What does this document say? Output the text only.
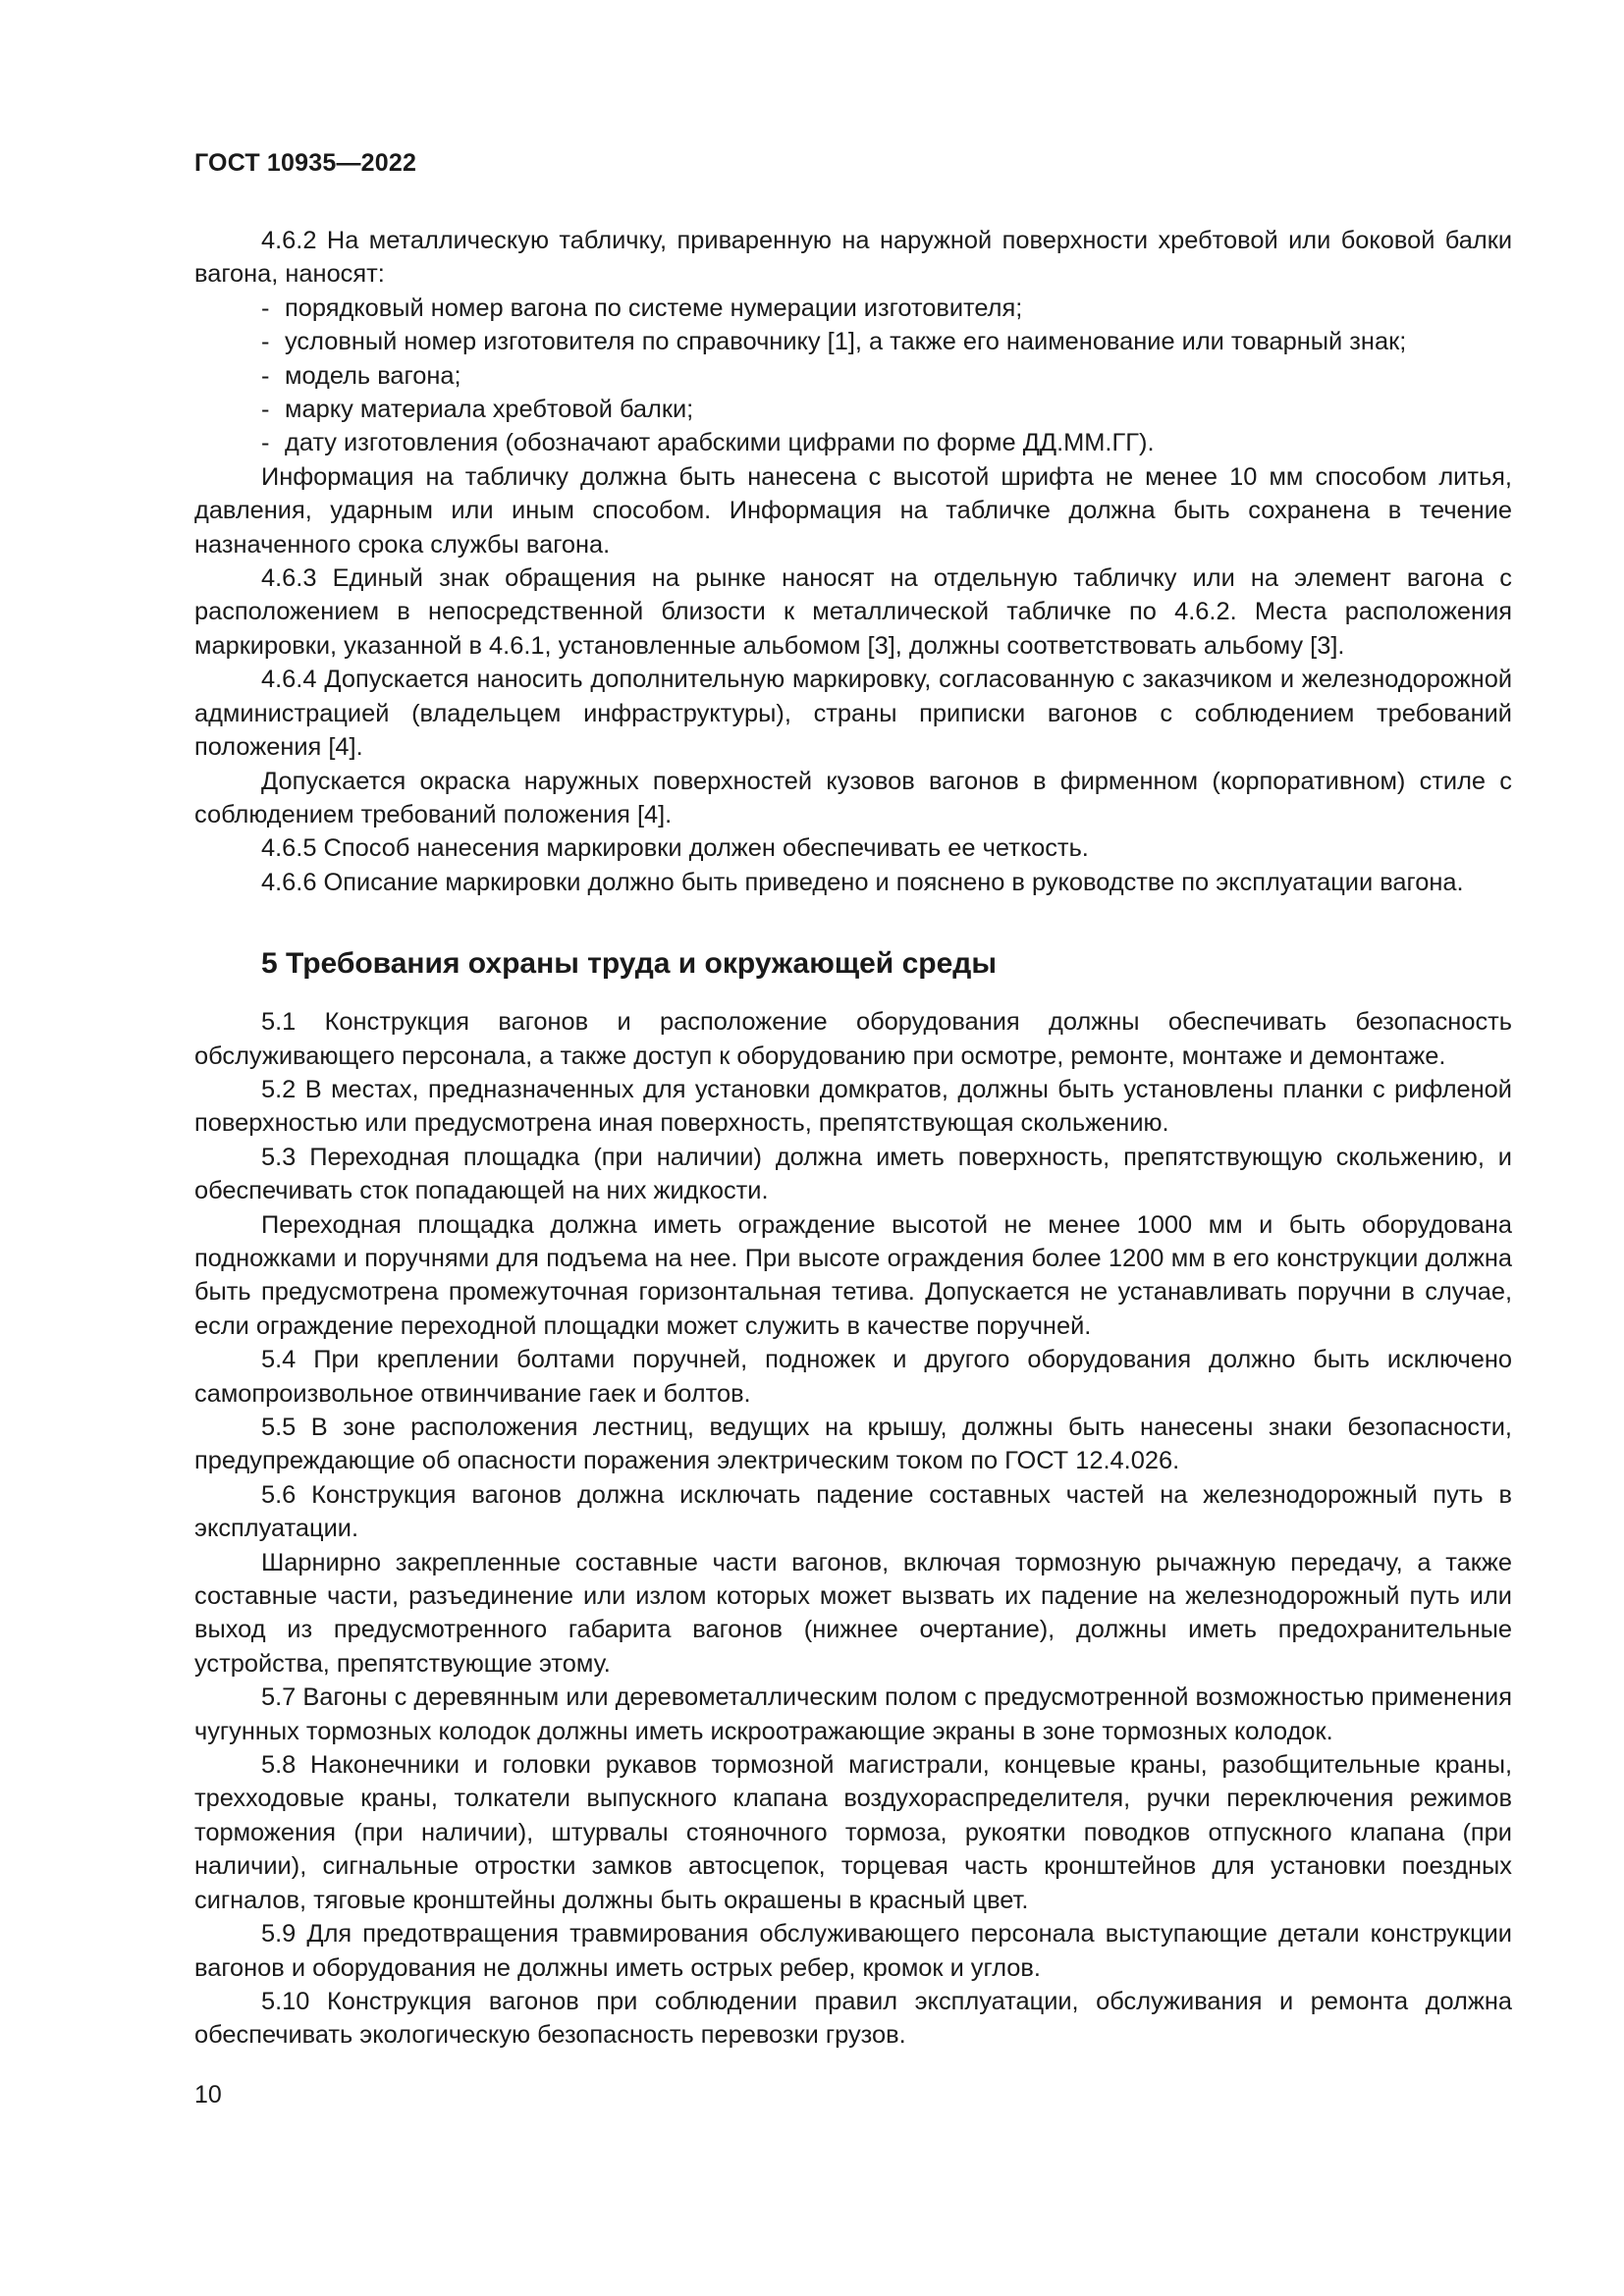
ГОСТ 10935—2022

4.6.2 На металлическую табличку, приваренную на наружной поверхности хребтовой или боковой балки вагона, наносят:

- порядковый номер вагона по системе нумерации изготовителя;
- условный номер изготовителя по справочнику [1], а также его наименование или товарный знак;
- модель вагона;
- марку материала хребтовой балки;
- дату изготовления (обозначают арабскими цифрами по форме ДД.ММ.ГГ).

Информация на табличку должна быть нанесена с высотой шрифта не менее 10 мм способом литья, давления, ударным или иным способом. Информация на табличке должна быть сохранена в течение назначенного срока службы вагона.

4.6.3 Единый знак обращения на рынке наносят на отдельную табличку или на элемент вагона с расположением в непосредственной близости к металлической табличке по 4.6.2. Места расположения маркировки, указанной в 4.6.1, установленные альбомом [3], должны соответствовать альбому [3].

4.6.4 Допускается наносить дополнительную маркировку, согласованную с заказчиком и железнодорожной администрацией (владельцем инфраструктуры), страны приписки вагонов с соблюдением требований положения [4].

Допускается окраска наружных поверхностей кузовов вагонов в фирменном (корпоративном) стиле с соблюдением требований положения [4].

4.6.5 Способ нанесения маркировки должен обеспечивать ее четкость.

4.6.6 Описание маркировки должно быть приведено и пояснено в руководстве по эксплуатации вагона.

5 Требования охраны труда и окружающей среды

5.1 Конструкция вагонов и расположение оборудования должны обеспечивать безопасность обслуживающего персонала, а также доступ к оборудованию при осмотре, ремонте, монтаже и демонтаже.

5.2 В местах, предназначенных для установки домкратов, должны быть установлены планки с рифленой поверхностью или предусмотрена иная поверхность, препятствующая скольжению.

5.3 Переходная площадка (при наличии) должна иметь поверхность, препятствующую скольжению, и обеспечивать сток попадающей на них жидкости.

Переходная площадка должна иметь ограждение высотой не менее 1000 мм и быть оборудована подножками и поручнями для подъема на нее. При высоте ограждения более 1200 мм в его конструкции должна быть предусмотрена промежуточная горизонтальная тетива. Допускается не устанавливать поручни в случае, если ограждение переходной площадки может служить в качестве поручней.

5.4 При креплении болтами поручней, подножек и другого оборудования должно быть исключено самопроизвольное отвинчивание гаек и болтов.

5.5 В зоне расположения лестниц, ведущих на крышу, должны быть нанесены знаки безопасности, предупреждающие об опасности поражения электрическим током по ГОСТ 12.4.026.

5.6 Конструкция вагонов должна исключать падение составных частей на железнодорожный путь в эксплуатации.

Шарнирно закрепленные составные части вагонов, включая тормозную рычажную передачу, а также составные части, разъединение или излом которых может вызвать их падение на железнодорожный путь или выход из предусмотренного габарита вагонов (нижнее очертание), должны иметь предохранительные устройства, препятствующие этому.

5.7 Вагоны с деревянным или деревометаллическим полом с предусмотренной возможностью применения чугунных тормозных колодок должны иметь искроотражающие экраны в зоне тормозных колодок.

5.8 Наконечники и головки рукавов тормозной магистрали, концевые краны, разобщительные краны, трехходовые краны, толкатели выпускного клапана воздухораспределителя, ручки переключения режимов торможения (при наличии), штурвалы стояночного тормоза, рукоятки поводков отпускного клапана (при наличии), сигнальные отростки замков автосцепок, торцевая часть кронштейнов для установки поездных сигналов, тяговые кронштейны должны быть окрашены в красный цвет.

5.9 Для предотвращения травмирования обслуживающего персонала выступающие детали конструкции вагонов и оборудования не должны иметь острых ребер, кромок и углов.

5.10 Конструкция вагонов при соблюдении правил эксплуатации, обслуживания и ремонта должна обеспечивать экологическую безопасность перевозки грузов.

10
